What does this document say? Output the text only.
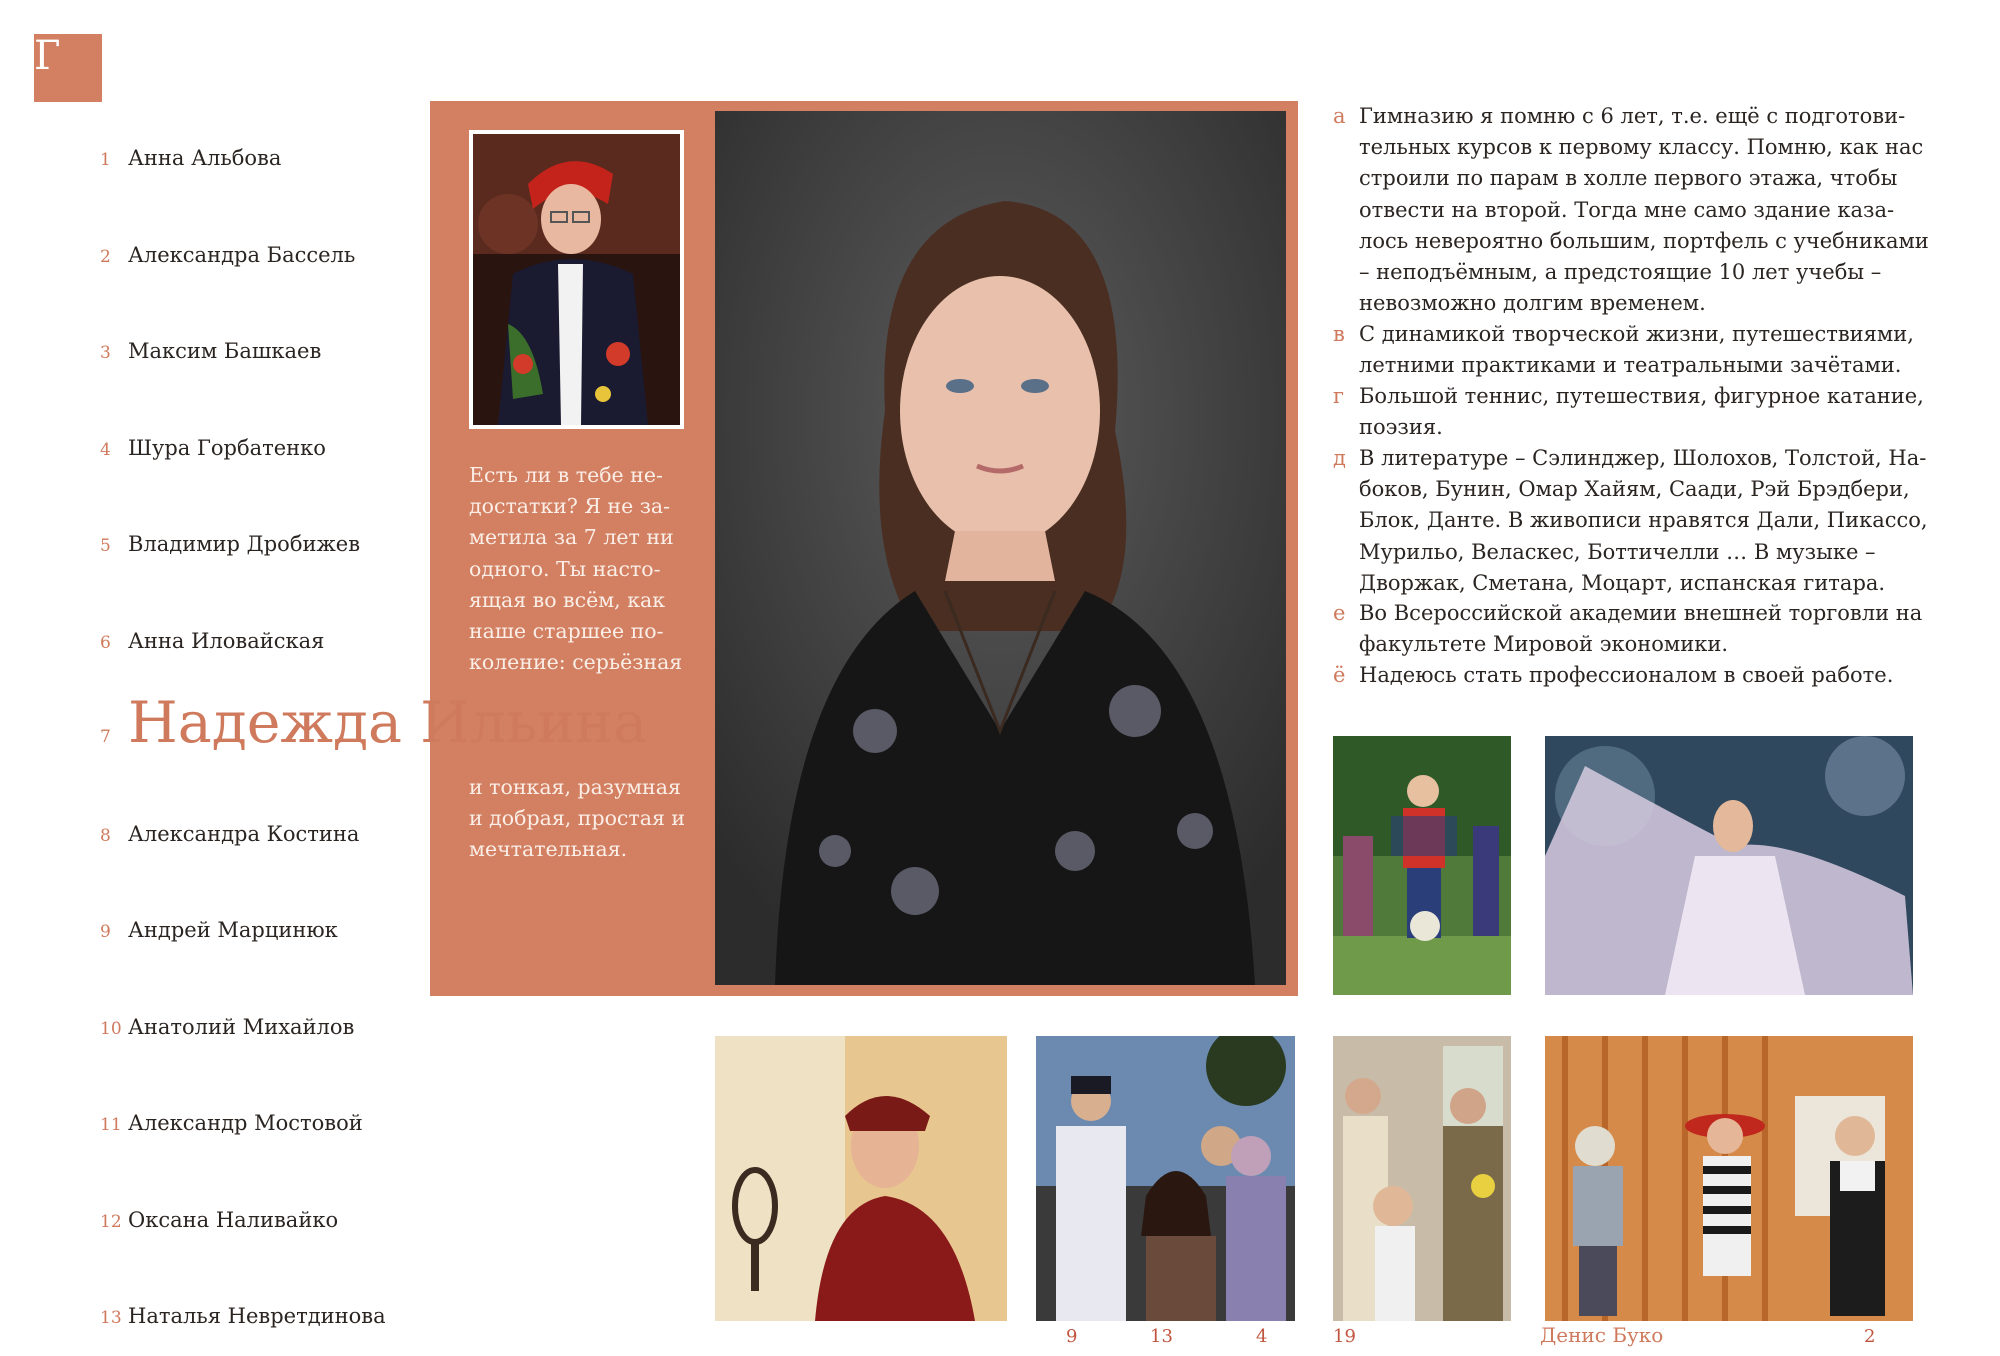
Г
1 Анна Альбова
2 Александра Бассель
3 Максим Башкаев
4 Шура Горбатенко
5 Владимир Дробижев
6 Анна Иловайская
7 Надежда Ильина
8 Александра Костина
9 Андрей Марцинюк
10 Анатолий Михайлов
11 Александр Мостовой
12 Оксана Наливайко
13 Наталья Невретдинова
Есть ли в тебе недостатки? Я не заметила за 7 лет ни одного. Ты настоящая во всём, как наше старшее поколение: серьёзная
и тонкая, разумная и добрая, простая и мечтательная.
а Гимназию я помню с 6 лет, т.е. ещё с подготовительных курсов к первому классу. Помню, как нас строили по парам в холле первого этажа, чтобы отвести на второй. Тогда мне само здание казалось невероятно большим, портфель с учебниками – неподъёмным, а предстоящие 10 лет учебы – невозможно долгим временем.
в С динамикой творческой жизни, путешествиями, летними практиками и театральными зачётами.
г Большой теннис, путешествия, фигурное катание, поэзия.
д В литературе – Сэлинджер, Шолохов, Толстой, Набоков, Бунин, Омар Хайям, Саади, Рэй Брэдбери, Блок, Данте. В живописи нравятся Дали, Пикассо, Мурильо, Веласкес, Боттичелли … В музыке – Дворжак, Сметана, Моцарт, испанская гитара.
е Во Всероссийской академии внешней торговли на факультете Мировой экономики.
ё Надеюсь стать профессионалом в своей работе.
9	13	4	19	Денис Буко	2
